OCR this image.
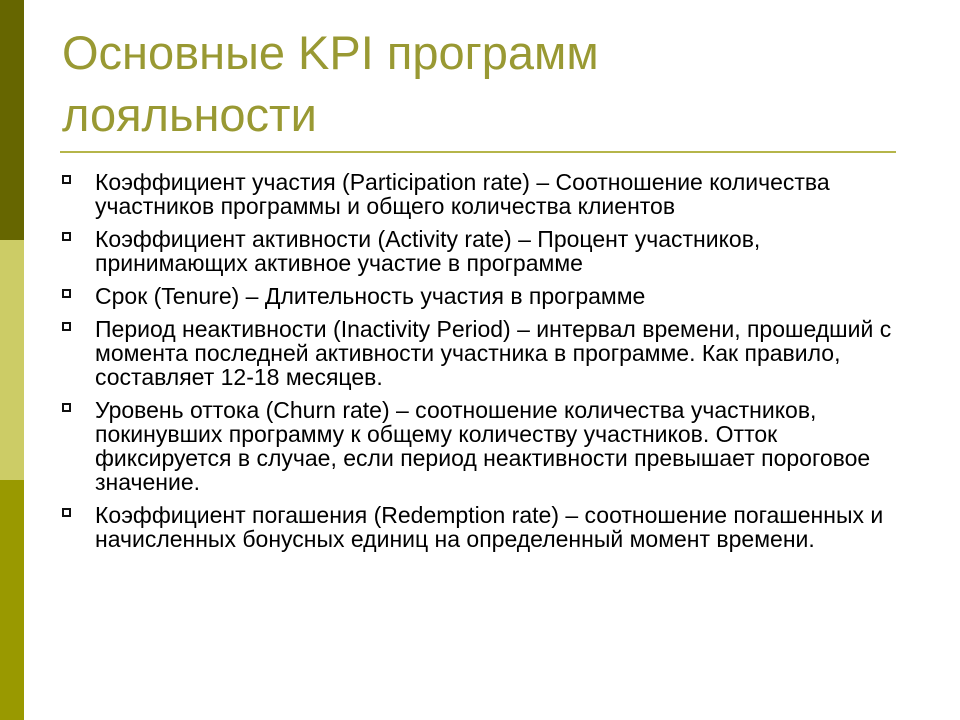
Основные KPI программ
лояльности
Коэффициент участия (Participation rate) – Соотношение количества участников программы и общего количества клиентов
Коэффициент активности (Activity rate) – Процент участников, принимающих активное участие в программе
Срок (Tenure) – Длительность участия в программе
Период неактивности (Inactivity Period) – интервал времени, прошедший с момента последней активности участника в программе. Как правило, составляет 12-18 месяцев.
Уровень оттока (Churn rate) – соотношение количества участников, покинувших программу к общему количеству участников. Отток фиксируется в случае, если период неактивности превышает пороговое значение.
Коэффициент погашения (Redemption rate) – соотношение погашенных и начисленных бонусных единиц на определенный момент времени.
